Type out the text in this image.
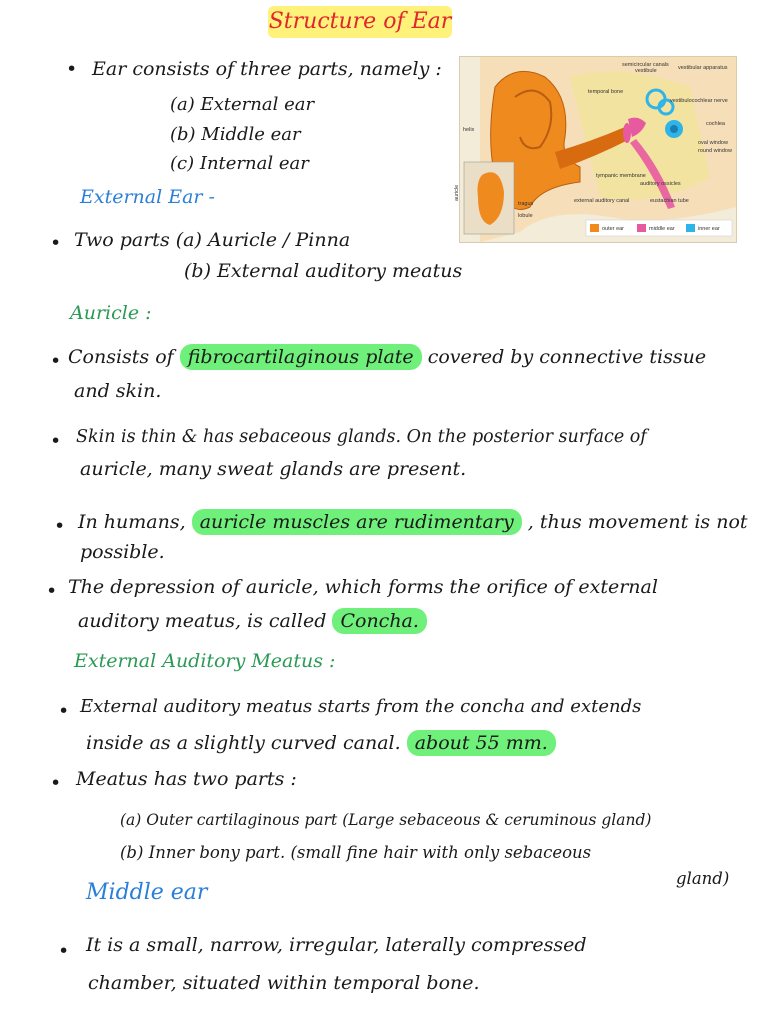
Structure of Ear
• Ear consists of three parts, namely :
(a) External ear
(b) Middle ear
(c) Internal ear
semicircular canals
vestibule	vestibular apparatus
temporal bone
vestibulocochlear nerve
helix
cochlea
oval window
round window
tympanic membrane
auditory ossicles
auricle
tragus	external auditory canal	eustachian tube
lobule
outer ear	middle ear	inner ear
External Ear -
• Two parts (a) Auricle / Pinna
(b) External auditory meatus
Auricle :
• Consists of fibrocartilaginous plate covered by connective tissue
and skin.
• Skin is thin & has sebaceous glands. On the posterior surface of
auricle, many sweat glands are present.
• In humans, auricle muscles are rudimentary , thus movement is not
possible.
• The depression of auricle, which forms the orifice of external
auditory meatus, is called Concha.
External Auditory Meatus :
• External auditory meatus starts from the concha and extends
inside as a slightly curved canal. about 55 mm.
• Meatus has two parts :
(a) Outer cartilaginous part (Large sebaceous & ceruminous gland)
(b) Inner bony part. (small fine hair with only sebaceous
gland)
Middle ear
• It is a small, narrow, irregular, laterally compressed
chamber, situated within temporal bone.
